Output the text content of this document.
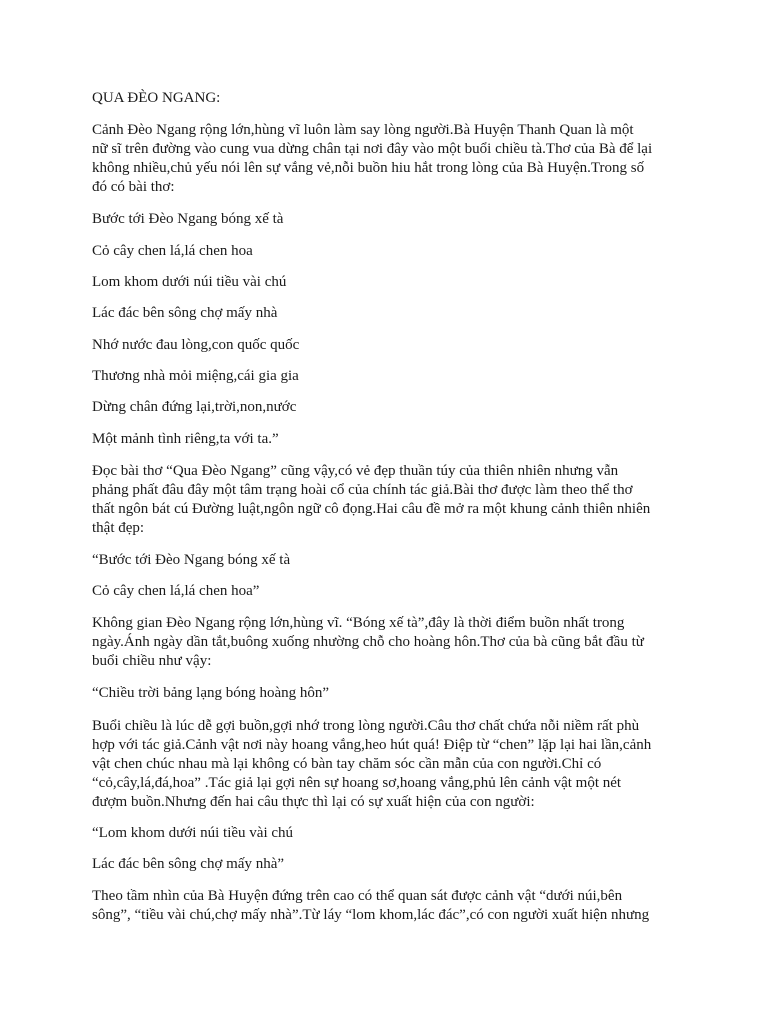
QUA ĐÈO NGANG:
Cảnh Đèo Ngang rộng lớn,hùng vĩ luôn làm say lòng người.Bà Huyện Thanh Quan là một
nữ sĩ trên đường vào cung vua dừng chân tại nơi đây vào một buổi chiều tà.Thơ của Bà để lại
không nhiều,chủ yếu nói lên sự vắng vẻ,nỗi buồn hiu hắt trong lòng của Bà Huyện.Trong số
đó có bài thơ:
Bước tới Đèo Ngang bóng xế tà
Cỏ cây chen lá,lá chen hoa
Lom khom dưới núi tiều vài chú
Lác đác bên sông chợ mấy nhà
Nhớ nước đau lòng,con quốc quốc
Thương nhà mỏi miệng,cái gia gia
Dừng chân đứng lại,trời,non,nước
Một mảnh tình riêng,ta với ta.”
Đọc bài thơ “Qua Đèo Ngang” cũng vậy,có vẻ đẹp thuần túy của thiên nhiên nhưng vẫn
phảng phất đâu đây một tâm trạng hoài cổ của chính tác giả.Bài thơ được làm theo thể thơ
thất ngôn bát cú Đường luật,ngôn ngữ cô đọng.Hai câu đề mở ra một khung cảnh thiên nhiên
thật đẹp:
“Bước tới Đèo Ngang bóng xế tà
Cỏ cây chen lá,lá chen hoa”
Không gian Đèo Ngang rộng lớn,hùng vĩ. “Bóng xế tà”,đây là thời điểm buồn nhất trong
ngày.Ánh ngày dần tắt,buông xuống nhường chỗ cho hoàng hôn.Thơ của bà cũng bắt đầu từ
buổi chiều như vậy:
“Chiều trời bảng lạng bóng hoàng hôn”
Buổi chiều là lúc dễ gợi buồn,gợi nhớ trong lòng người.Câu thơ chất chứa nỗi niềm rất phù
hợp với tác giả.Cảnh vật nơi này hoang vắng,heo hút quá! Điệp từ “chen” lặp lại hai lần,cảnh
vật chen chúc nhau mà lại không có bàn tay chăm sóc cần mẫn của con người.Chỉ có
“cỏ,cây,lá,đá,hoa” .Tác giả lại gợi nên sự hoang sơ,hoang vắng,phủ lên cảnh vật một nét
đượm buồn.Nhưng đến hai câu thực thì lại có sự xuất hiện của con người:
“Lom khom dưới núi tiều vài chú
Lác đác bên sông chợ mấy nhà”
Theo tầm nhìn của Bà Huyện đứng trên cao có thể quan sát được cảnh vật “dưới núi,bên
sông”, “tiều vài chú,chợ mấy nhà”.Từ láy “lom khom,lác đác”,có con người xuất hiện nhưng
